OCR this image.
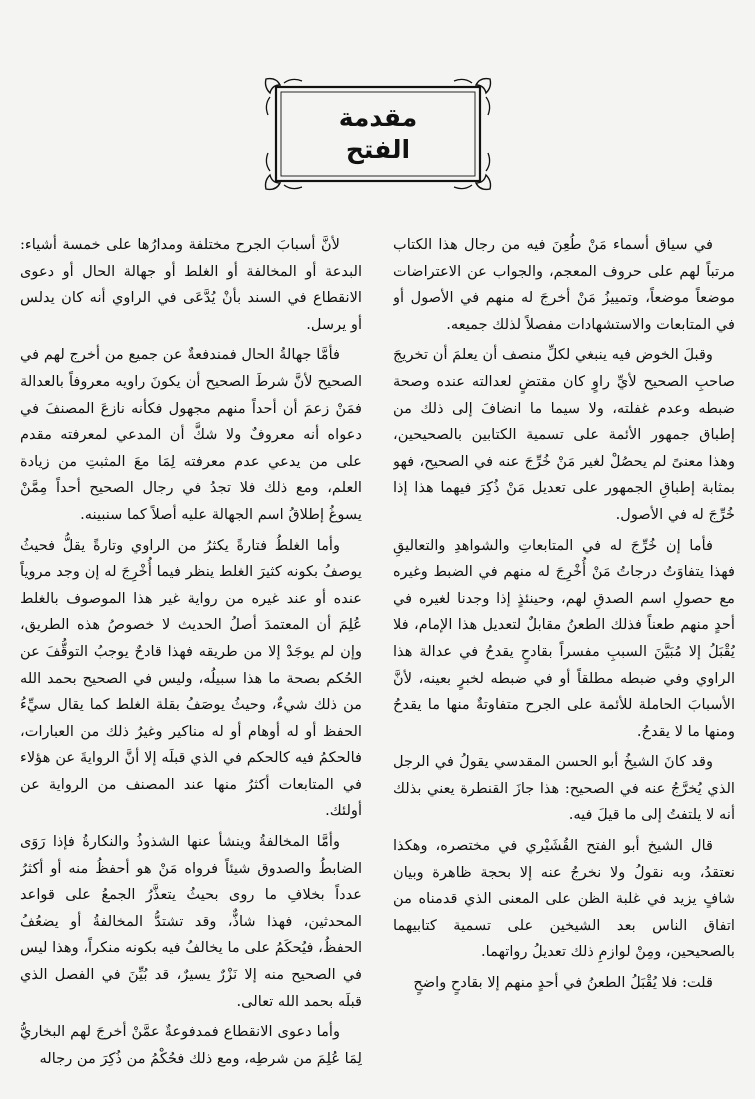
مقدمة
الفتح

في سياق أسماء مَنْ طُعِنَ فيه من رجال هذا الكتاب مرتباً لهم على حروف المعجم، والجواب عن الاعتراضات موضعاً موضعاً، وتمييزُ مَنْ أخرجَ له منهم في الأصول أو في المتابعات والاستشهادات مفصلاً لذلك جميعه.

وقبلَ الخوض فيه ينبغي لكلِّ منصف أن يعلمَ أن تخريجَ صاحبِ الصحيح لأيِّ راوٍ كان مقتضٍ لعدالته عنده وصحة ضبطه وعدم غفلته، ولا سيما ما انضافَ إلى ذلك من إطباق جمهور الأئمة على تسمية الكتابين بالصحيحين، وهذا معنىً لم يحصُلْ لغير مَنْ خُرِّجَ عنه في الصحيح، فهو بمثابة إطباقِ الجمهور على تعديل مَنْ ذُكِرَ فيهما هذا إذا خُرِّجَ له في الأصول.

فأما إن خُرِّجَ له في المتابعاتِ والشواهدِ والتعاليقِ فهذا يتفاوَتُ درجاتُ مَنْ أُخْرِجَ له منهم في الضبط وغيره مع حصولِ اسم الصدقِ لهم، وحينئذٍ إذا وجدنا لغيره في أحدٍ منهم طعناً فذلك الطعنُ مقابلٌ لتعديل هذا الإمام، فلا يُقْبَلُ إلا مُبَيَّنَ السببِ مفسراً بقادحٍ يقدحُ في عدالة هذا الراوي وفي ضبطه مطلقاً أو في ضبطه لخبرٍ بعينه، لأنَّ الأسبابَ الحاملة للأئمة على الجرح متفاوتةٌ منها ما يقدحُ ومنها ما لا يقدحُ.

وقد كانَ الشيخُ أبو الحسن المقدسي يقولُ في الرجل الذي يُخرَّجُ عنه في الصحيح: هذا جازَ القنطرة يعني بذلك أنه لا يلتفتُ إلى ما قيلَ فيه.

قال الشيخ أبو الفتح القُشَيْري في مختصره، وهكذا نعتقدُ، وبه نقولُ ولا نخرجُ عنه إلا بحجة ظاهرة وبيان شافٍ يزيد في غلبة الظن على المعنى الذي قدمناه من اتفاق الناس بعد الشيخين على تسمية كتابيهما بالصحيحين، ومِنْ لوازمِ ذلك تعديلُ رواتهما.

قلت: فلا يُقْبَلُ الطعنُ في أحدٍ منهم إلا بقادحٍ واضحٍ

لأنَّ أسبابَ الجرح مختلفة ومدارُها على خمسة أشياء: البدعة أو المخالفة أو الغلط أو جهالة الحال أو دعوى الانقطاع في السند بأنْ يُدَّعَى في الراوي أنه كان يدلس أو يرسل.

فأمَّا جهالةُ الحال فمندفعةٌ عن جميع من أخرج لهم في الصحيح لأنَّ شرطَ الصحيح أن يكونَ راويه معروفاً بالعدالة فمَنْ زعمَ أن أحداً منهم مجهول فكأنه نازعَ المصنفَ في دعواه أنه معروفٌ ولا شكَّ أن المدعي لمعرفته مقدم على من يدعي عدم معرفته لِمَا معَ المثبتِ من زيادة العلم، ومع ذلك فلا تجدُ في رجال الصحيح أحداً مِمَّنْ يسوغُ إطلاقُ اسم الجهالة عليه أصلاً كما سنبينه.

وأما الغلطُ فتارةً يكثرُ من الراوي وتارةً يقلُّ فحيثُ يوصفُ بكونه كثيرَ الغلط ينظر فيما أُخْرِجَ له إن وجد مروياً عنده أو عند غيره من رواية غير هذا الموصوف بالغلط عُلِمَ أن المعتمدَ أصلُ الحديث لا خصوصُ هذه الطريق، وإن لم يوجَدْ إلا من طريقه فهذا قادحٌ يوجبُ التوقُّفَ عن الحُكم بصحة ما هذا سبيلُه، وليس في الصحيح بحمد الله من ذلك شيءٌ، وحيثُ يوصَفُ بقلة الغلط كما يقال سيِّءُ الحفظ أو له أوهام أو له مناكير وغيرُ ذلك من العبارات، فالحكمُ فيه كالحكم في الذي قبلَه إلا أنَّ الروايةَ عن هؤلاء في المتابعات أكثرُ منها عند المصنف من الرواية عن أولئك.

وأمَّا المخالفةُ وينشأ عنها الشذوذُ والنكارةُ فإذا رَوَى الضابطُ والصدوق شيئاً فرواه مَنْ هو أحفظُ منه أو أكثرُ عدداً بخلافِ ما روى بحيثُ يتعذَّرُ الجمعُ على قواعد المحدثين، فهذا شاذٌّ، وقد تشتدُّ المخالفةُ أو يضعُفُ الحفظُ، فيُحكَمُ على ما يخالفُ فيه بكونه منكراً، وهذا ليس في الصحيح منه إلا نَزْرٌ يسيرٌ، قد بُيِّنَ في الفصل الذي قبلَه بحمد الله تعالى.

وأما دعوى الانقطاع فمدفوعةٌ عمَّنْ أخرجَ لهم البخاريُّ لِمَا عُلِمَ من شرطِه، ومع ذلك فحُكْمُ من ذُكِرَ من رجاله
